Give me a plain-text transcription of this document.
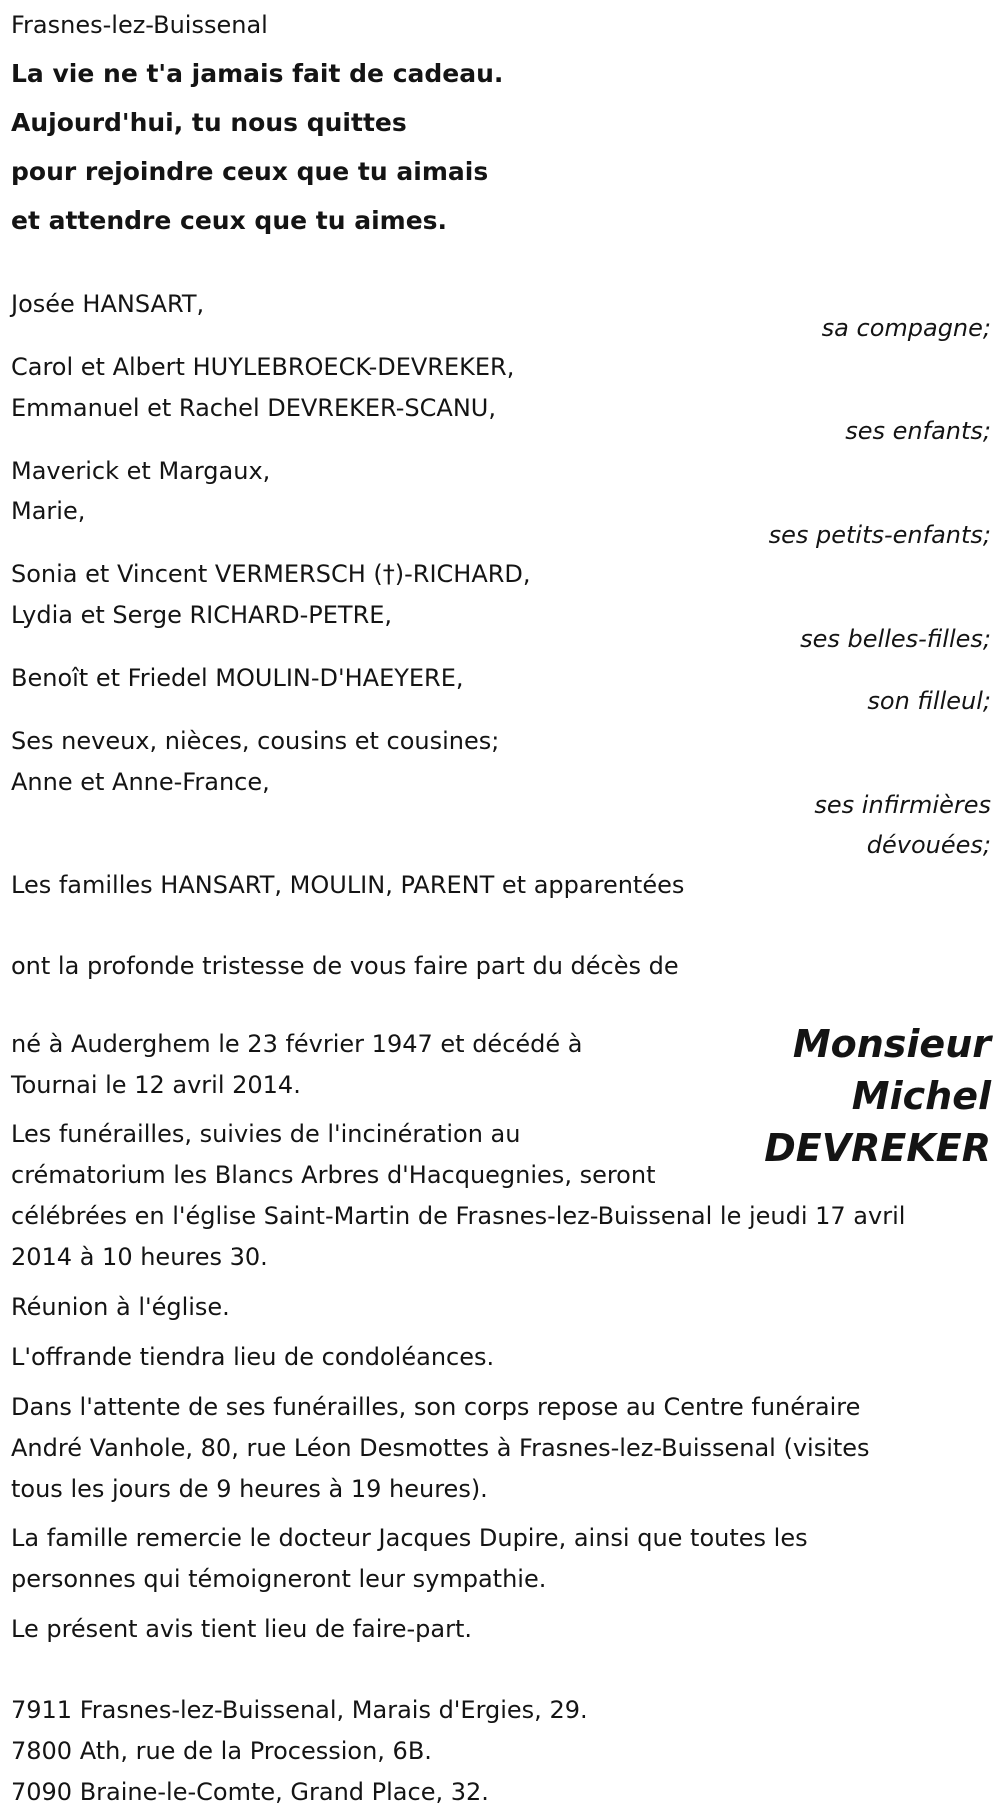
Frasnes-lez-Buissenal
La vie ne t'a jamais fait de cadeau.
Aujourd'hui, tu nous quittes
pour rejoindre ceux que tu aimais
et attendre ceux que tu aimes.
Josée HANSART,
sa compagne;
Carol et Albert HUYLEBROECK-DEVREKER,
Emmanuel et Rachel DEVREKER-SCANU,
ses enfants;
Maverick et Margaux,
Marie,
ses petits-enfants;
Sonia et Vincent VERMERSCH (†)-RICHARD,
Lydia et Serge RICHARD-PETRE,
ses belles-filles;
Benoît et Friedel MOULIN-D'HAEYERE,
son filleul;
Ses neveux, nièces, cousins et cousines;
Anne et Anne-France,
ses infirmières
dévouées;
Les familles HANSART, MOULIN, PARENT et apparentées
ont la profonde tristesse de vous faire part du décès de
Monsieur
Michel
DEVREKER
né à Auderghem le 23 février 1947 et décédé à
Tournai le 12 avril 2014.
Les funérailles, suivies de l'incinération au
crématorium les Blancs Arbres d'Hacquegnies, seront
célébrées en l'église Saint-Martin de Frasnes-lez-Buissenal le jeudi 17 avril
2014 à 10 heures 30.
Réunion à l'église.
L'offrande tiendra lieu de condoléances.
Dans l'attente de ses funérailles, son corps repose au Centre funéraire
André Vanhole, 80, rue Léon Desmottes à Frasnes-lez-Buissenal (visites
tous les jours de 9 heures à 19 heures).
La famille remercie le docteur Jacques Dupire, ainsi que toutes les
personnes qui témoigneront leur sympathie.
Le présent avis tient lieu de faire-part.
7911 Frasnes-lez-Buissenal, Marais d'Ergies, 29.
7800 Ath, rue de la Procession, 6B.
7090 Braine-le-Comte, Grand Place, 32.
